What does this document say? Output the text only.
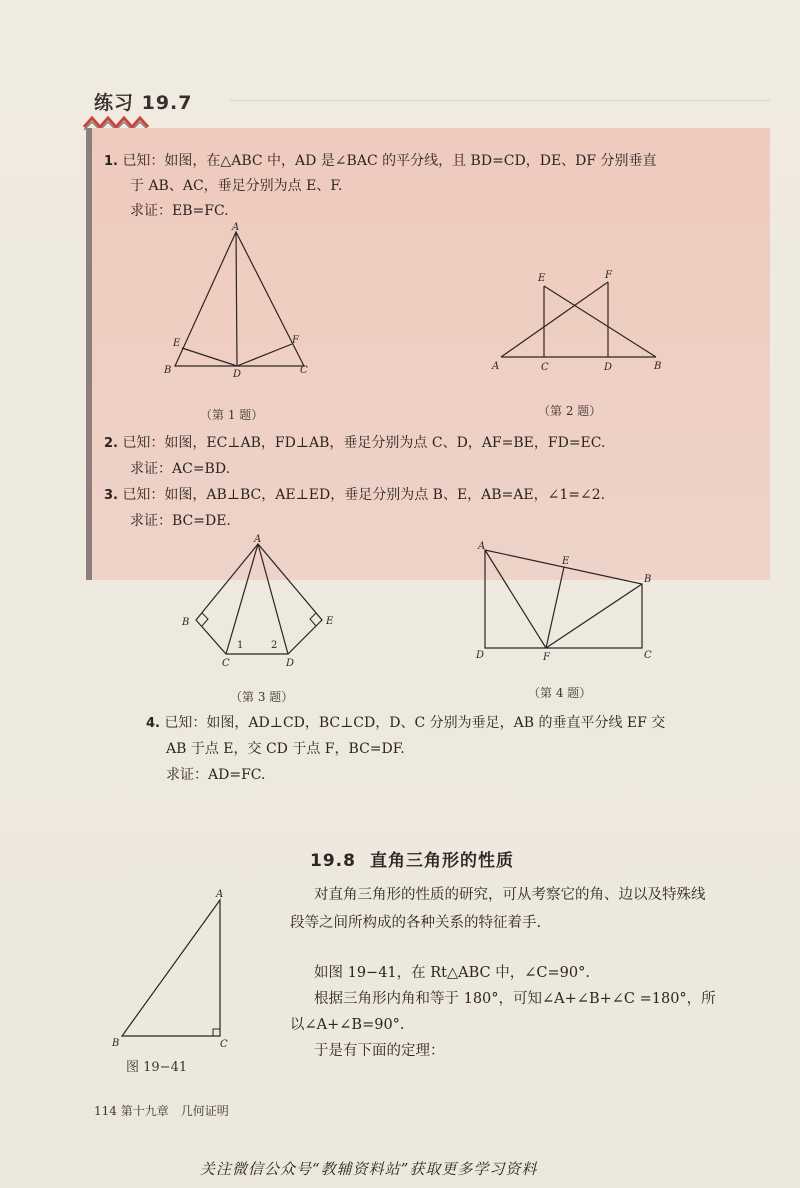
练习 19.7
1. 已知：如图，在△ABC 中，AD 是∠BAC 的平分线，且 BD=CD，DE、DF 分别垂直
于 AB、AC，垂足分别为点 E、F.
求证：EB=FC.
A
B	C
D
E	F
（第 1 题）
A	C	D	B
E	F
（第 2 题）
2. 已知：如图，EC⊥AB，FD⊥AB，垂足分别为点 C、D，AF=BE，FD=EC.
求证：AC=BD.
3. 已知：如图，AB⊥BC，AE⊥ED，垂足分别为点 B、E，AB=AE，∠1=∠2.
求证：BC=DE.
A
B
C	D
E
1	2
（第 3 题）
A
B
C
D
E
F
（第 4 题）
4. 已知：如图，AD⊥CD，BC⊥CD，D、C 分别为垂足，AB 的垂直平分线 EF 交
AB 于点 E，交 CD 于点 F，BC=DF.
求证：AD=FC.
19.8 直角三角形的性质
A
B	C
图 19−41
对直角三角形的性质的研究，可从考察它的角、边以及特殊线
段等之间所构成的各种关系的特征着手.
如图 19−41，在 Rt△ABC 中，∠C=90°.
根据三角形内角和等于 180°，可知∠A+∠B+∠C =180°，所
以∠A+∠B=90°.
于是有下面的定理：
114 第十九章　几何证明
关注微信公众号“教辅资料站”获取更多学习资料
